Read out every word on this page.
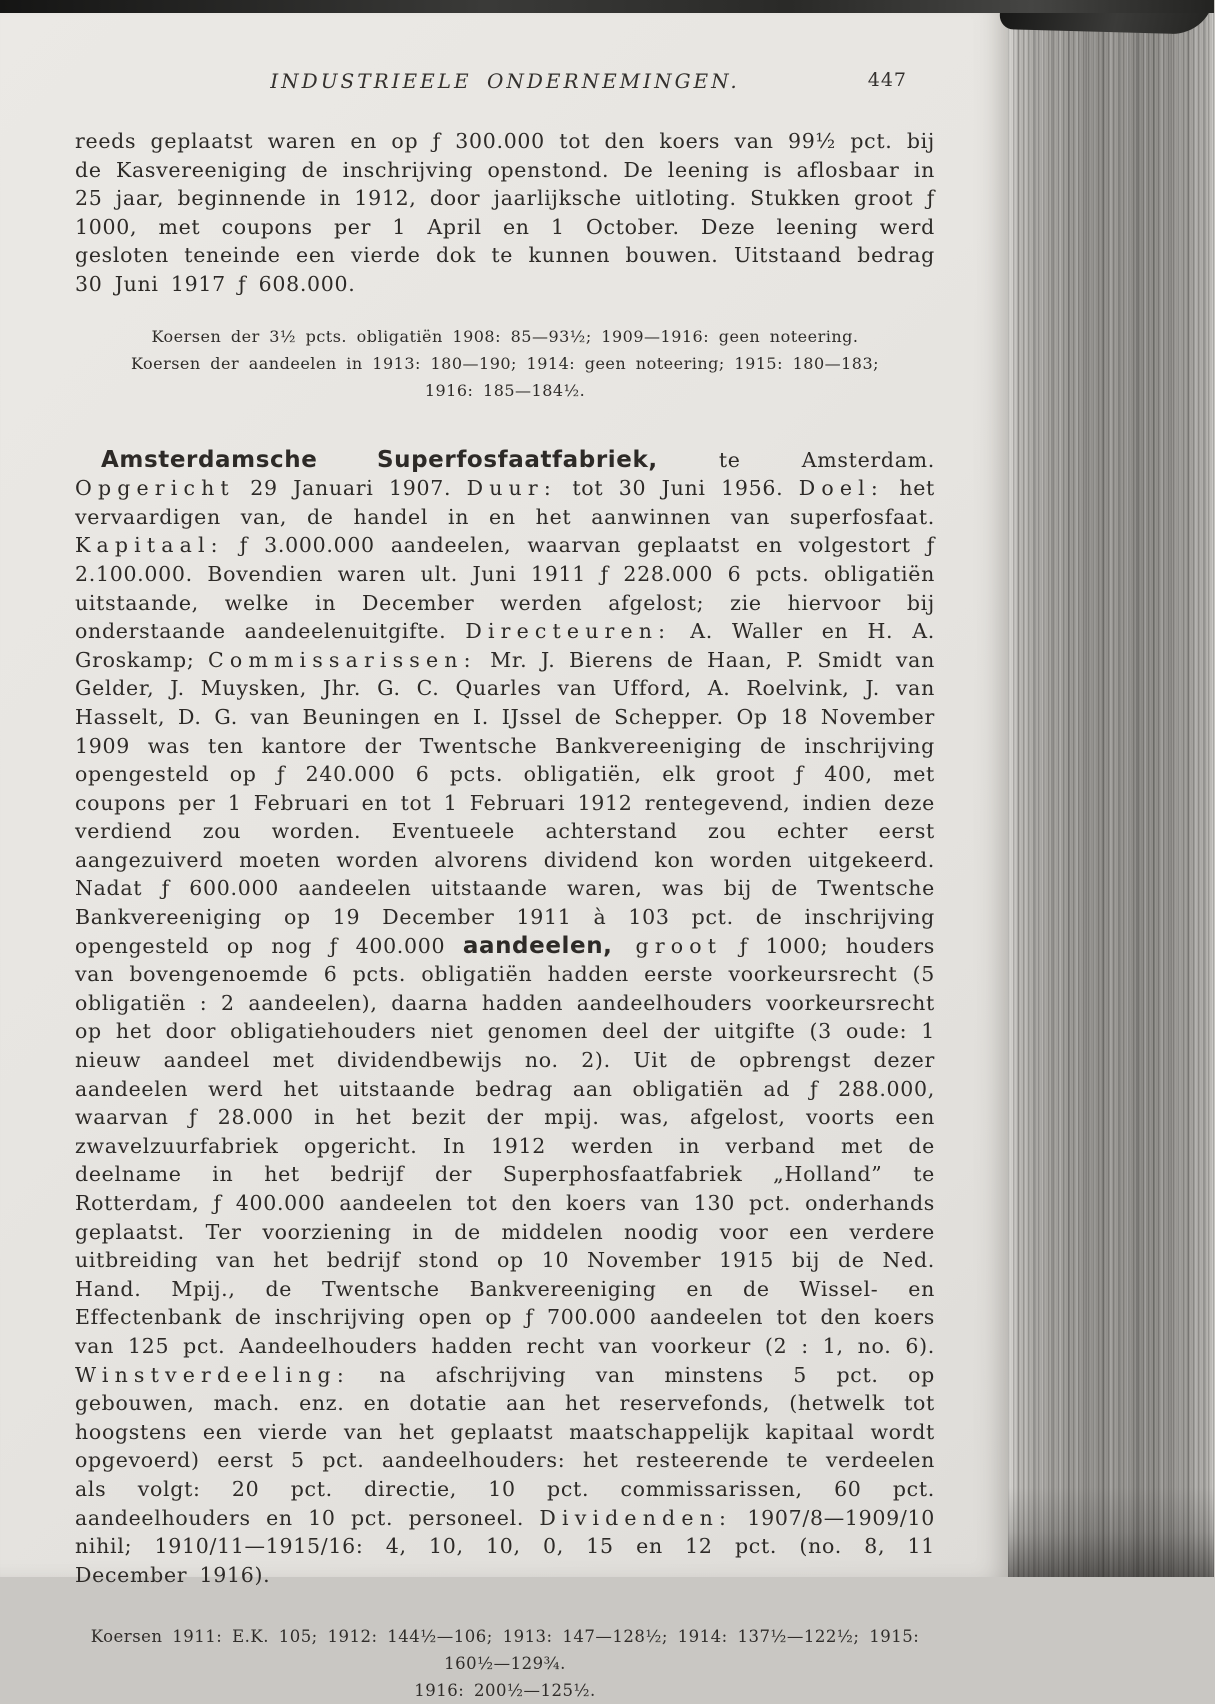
INDUSTRIEELE ONDERNEMINGEN.	447
reeds geplaatst waren en op ƒ 300.000 tot den koers van 99½ pct. bij de Kasvereeniging de inschrijving openstond. De leening is aflosbaar in 25 jaar, beginnende in 1912, door jaarlijksche uitloting. Stukken groot ƒ 1000, met coupons per 1 April en 1 October. Deze leening werd gesloten teneinde een vierde dok te kunnen bouwen. Uitstaand bedrag 30 Juni 1917 ƒ 608.000.
Koersen der 3½ pcts. obligatiën 1908: 85—93½; 1909—1916: geen noteering.
Koersen der aandeelen in 1913: 180—190; 1914: geen noteering; 1915: 180—183;
1916: 185—184½.
Amsterdamsche Superfosfaatfabriek, te Amsterdam. Opgericht 29 Januari 1907. Duur: tot 30 Juni 1956. Doel: het vervaardigen van, de handel in en het aanwinnen van superfosfaat. Kapitaal: ƒ 3.000.000 aandeelen, waarvan geplaatst en volgestort ƒ 2.100.000. Bovendien waren ult. Juni 1911 ƒ 228.000 6 pcts. obligatiën uitstaande, welke in December werden afgelost; zie hiervoor bij onderstaande aandeelenuitgifte. Directeuren: A. Waller en H. A. Groskamp; Commissarissen: Mr. J. Bierens de Haan, P. Smidt van Gelder, J. Muysken, Jhr. G. C. Quarles van Ufford, A. Roelvink, J. van Hasselt, D. G. van Beuningen en I. IJssel de Schepper. Op 18 November 1909 was ten kantore der Twentsche Bankvereeniging de inschrijving opengesteld op ƒ 240.000 6 pcts. obligatiën, elk groot ƒ 400, met coupons per 1 Februari en tot 1 Februari 1912 rentegevend, indien deze verdiend zou worden. Eventueele achterstand zou echter eerst aangezuiverd moeten worden alvorens dividend kon worden uitgekeerd. Nadat ƒ 600.000 aandeelen uitstaande waren, was bij de Twentsche Bankvereeniging op 19 December 1911 à 103 pct. de inschrijving opengesteld op nog ƒ 400.000 aandeelen, groot ƒ 1000; houders van bovengenoemde 6 pcts. obligatiën hadden eerste voorkeursrecht (5 obligatiën : 2 aandeelen), daarna hadden aandeelhouders voorkeursrecht op het door obligatiehouders niet genomen deel der uitgifte (3 oude: 1 nieuw aandeel met dividendbewijs no. 2). Uit de opbrengst dezer aandeelen werd het uitstaande bedrag aan obligatiën ad ƒ 288.000, waarvan ƒ 28.000 in het bezit der mpij. was, afgelost, voorts een zwavelzuurfabriek opgericht. In 1912 werden in verband met de deelname in het bedrijf der Superphosfaatfabriek „Holland” te Rotterdam, ƒ 400.000 aandeelen tot den koers van 130 pct. onderhands geplaatst. Ter voorziening in de middelen noodig voor een verdere uitbreiding van het bedrijf stond op 10 November 1915 bij de Ned. Hand. Mpij., de Twentsche Bankvereeniging en de Wissel- en Effectenbank de inschrijving open op ƒ 700.000 aandeelen tot den koers van 125 pct. Aandeelhouders hadden recht van voorkeur (2 : 1, no. 6). Winstverdeeling: na afschrijving van minstens 5 pct. op gebouwen, mach. enz. en dotatie aan het reservefonds, (hetwelk tot hoogstens een vierde van het geplaatst maatschappelijk kapitaal wordt opgevoerd) eerst 5 pct. aandeelhouders: het resteerende te verdeelen als volgt: 20 pct. directie, 10 pct. commissarissen, 60 pct. aandeelhouders en 10 pct. personeel. Dividenden: 1907/8—1909/10 nihil; 1910/11—1915/16: 4, 10, 10, 0, 15 en 12 pct. (no. 8, 11 December 1916).
Koersen 1911: E.K. 105; 1912: 144½—106; 1913: 147—128½; 1914: 137½—122½; 1915: 160½—129¾.
1916: 200½—125½.
